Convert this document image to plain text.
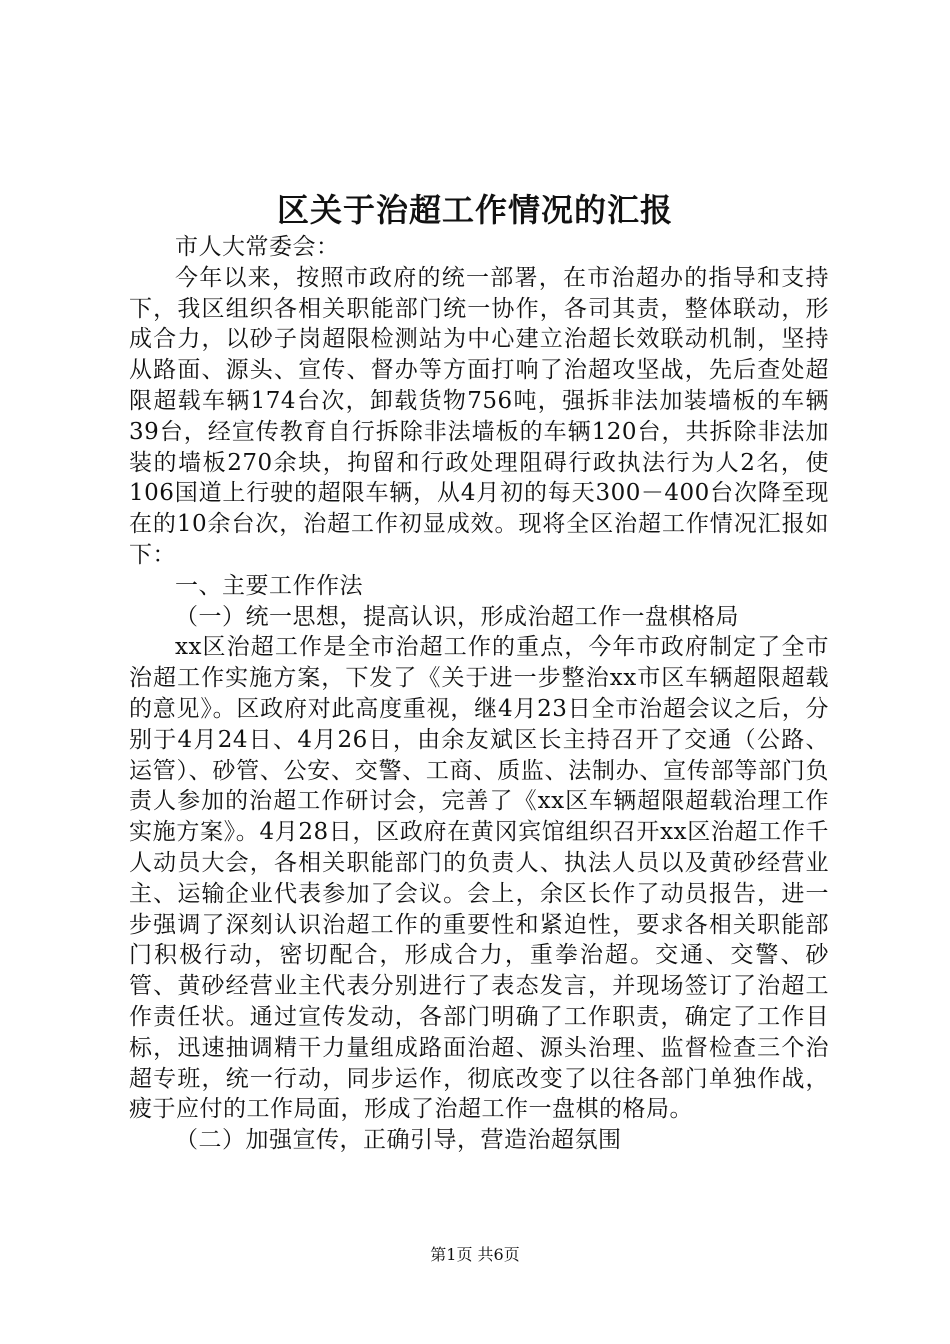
区关于治超工作情况的汇报

市人大常委会：

今年以来，按照市政府的统一部署，在市治超办的指导和支持下，我区组织各相关职能部门统一协作，各司其责，整体联动，形成合力，以砂子岗超限检测站为中心建立治超长效联动机制，坚持从路面、源头、宣传、督办等方面打响了治超攻坚战，先后查处超限超载车辆174台次，卸载货物756吨，强拆非法加装墙板的车辆39台，经宣传教育自行拆除非法墙板的车辆120台，共拆除非法加装的墙板270余块，拘留和行政处理阻碍行政执法行为人2名，使106国道上行驶的超限车辆，从4月初的每天300－400台次降至现在的10余台次，治超工作初显成效。现将全区治超工作情况汇报如下：

一、主要工作作法

（一）统一思想，提高认识，形成治超工作一盘棋格局

xx区治超工作是全市治超工作的重点，今年市政府制定了全市治超工作实施方案，下发了《关于进一步整治xx市区车辆超限超载的意见》。区政府对此高度重视，继4月23日全市治超会议之后，分别于4月24日、4月26日，由余友斌区长主持召开了交通（公路、运管）、砂管、公安、交警、工商、质监、法制办、宣传部等部门负责人参加的治超工作研讨会，完善了《xx区车辆超限超载治理工作实施方案》。4月28日，区政府在黄冈宾馆组织召开xx区治超工作千人动员大会，各相关职能部门的负责人、执法人员以及黄砂经营业主、运输企业代表参加了会议。会上，余区长作了动员报告，进一步强调了深刻认识治超工作的重要性和紧迫性，要求各相关职能部门积极行动，密切配合，形成合力，重拳治超。交通、交警、砂管、黄砂经营业主代表分别进行了表态发言，并现场签订了治超工作责任状。通过宣传发动，各部门明确了工作职责，确定了工作目标，迅速抽调精干力量组成路面治超、源头治理、监督检查三个治超专班，统一行动，同步运作，彻底改变了以往各部门单独作战，疲于应付的工作局面，形成了治超工作一盘棋的格局。

（二）加强宣传，正确引导，营造治超氛围

第1页 共6页
